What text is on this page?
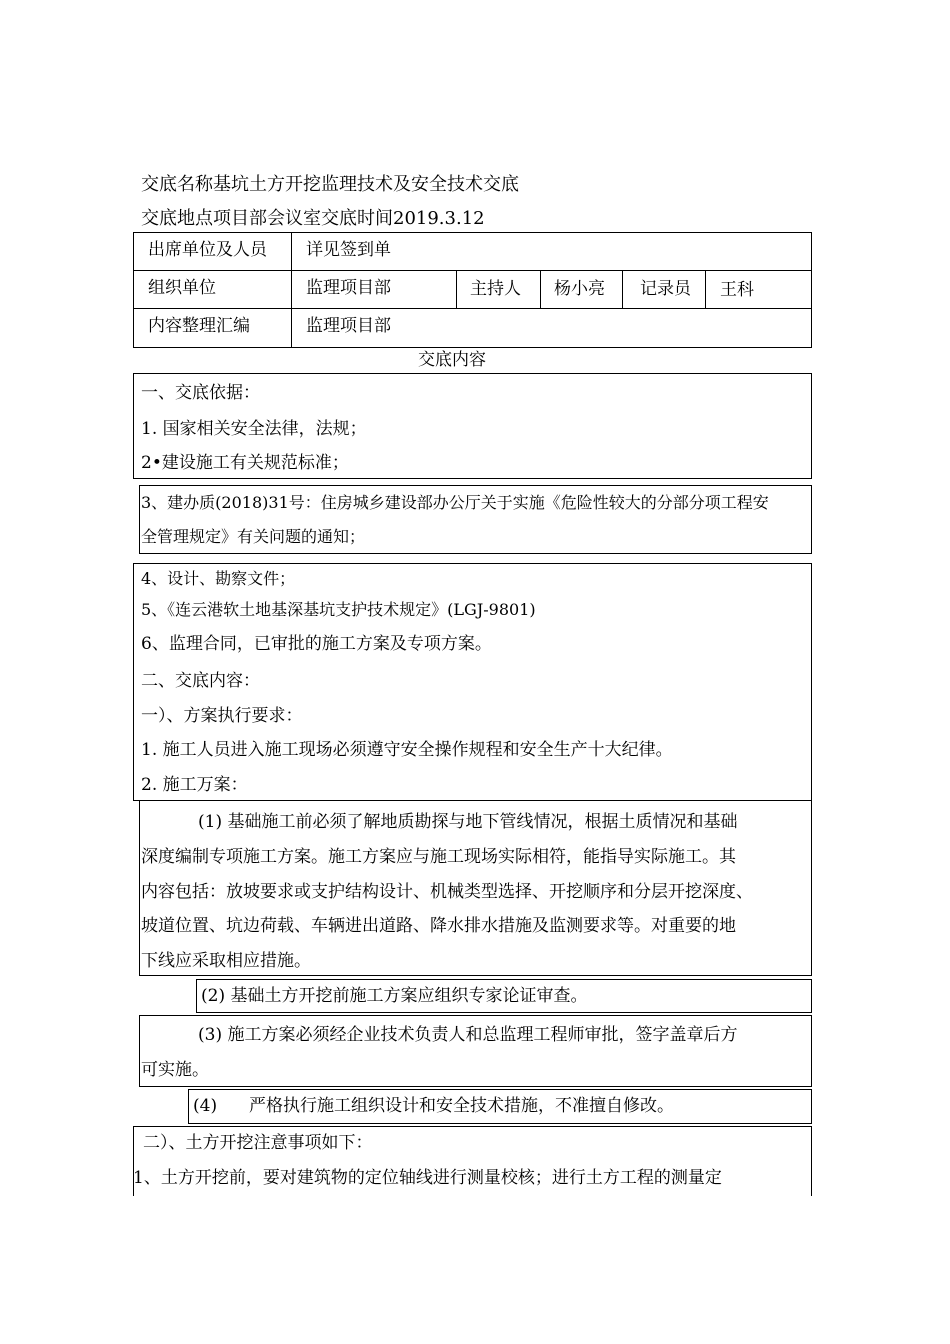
交底名称基坑土方开挖监理技术及安全技术交底
交底地点项目部会议室交底时间2019.3.12
出席单位及人员 详见签到单
组织单位	监理项目部	主持人 杨小亮 记录员 王科
内容整理汇编	监理项目部
交底内容
一、交底依据：
1. 国家相关安全法律，法规；
2•建设施工有关规范标准；
3、建办质(2018)31号：住房城乡建设部办公厅关于实施《危险性较大的分部分项工程安
全管理规定》有关问题的通知；
4、设计、勘察文件；
5、《连云港软土地基深基坑支护技术规定》(LGJ-9801)
6、监理合同，已审批的施工方案及专项方案。
二、交底内容：
一）、方案执行要求：
1. 施工人员进入施工现场必须遵守安全操作规程和安全生产十大纪律。
2. 施工万案：
(1) 基础施工前必须了解地质勘探与地下管线情况，根据土质情况和基础
深度编制专项施工方案。施工方案应与施工现场实际相符，能指导实际施工。其
内容包括：放坡要求或支护结构设计、机械类型选择、开挖顺序和分层开挖深度、
坡道位置、坑边荷载、车辆进出道路、降水排水措施及监测要求等。对重要的地
下线应采取相应措施。
(2) 基础土方开挖前施工方案应组织专家论证审查。
(3) 施工方案必须经企业技术负责人和总监理工程师审批，签字盖章后方
可实施。
(4) 严格执行施工组织设计和安全技术措施，不准擅自修改。
二）、土方开挖注意事项如下：
1、土方开挖前，要对建筑物的定位轴线进行测量校核；进行土方工程的测量定
